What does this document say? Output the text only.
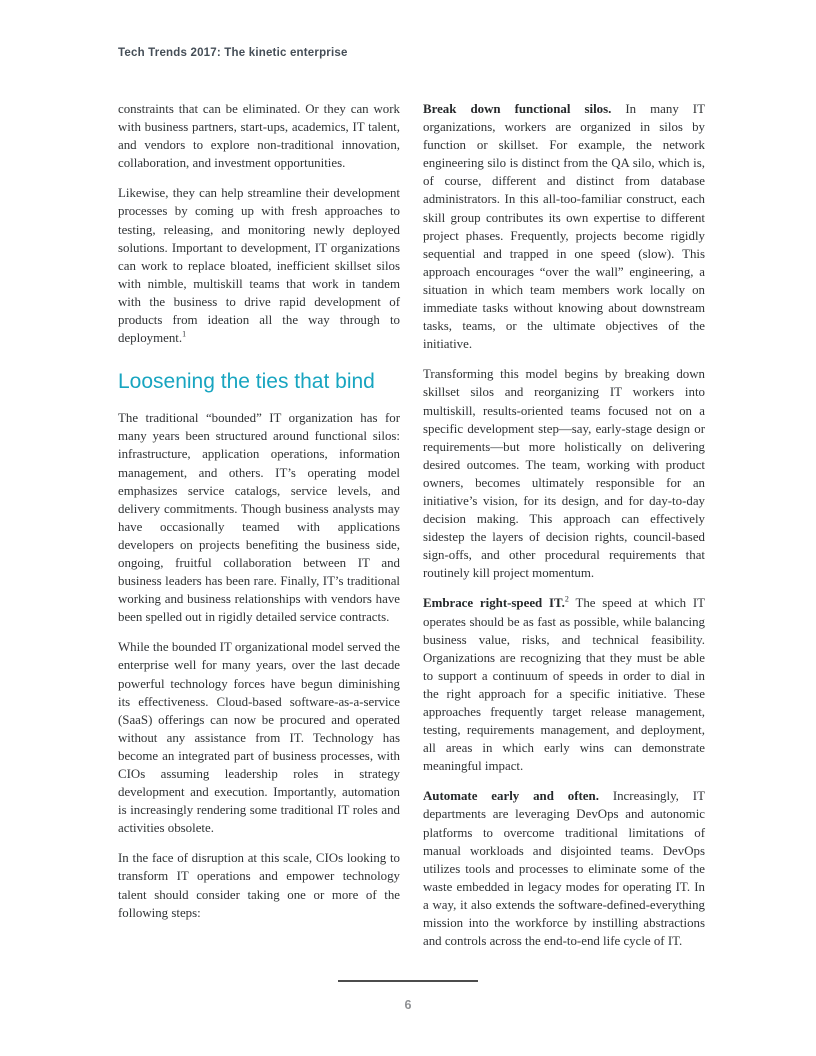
Tech Trends 2017: The kinetic enterprise

constraints that can be eliminated. Or they can work with business partners, start-ups, academics, IT talent, and vendors to explore non-traditional innovation, collaboration, and investment opportunities.

Likewise, they can help streamline their development processes by coming up with fresh approaches to testing, releasing, and monitoring newly deployed solutions. Important to development, IT organizations can work to replace bloated, inefficient skillset silos with nimble, multiskill teams that work in tandem with the business to drive rapid development of products from ideation all the way through to deployment.$^1$

Loosening the ties that bind

The traditional “bounded” IT organization has for many years been structured around functional silos: infrastructure, application operations, information management, and others. IT’s operating model emphasizes service catalogs, service levels, and delivery commitments. Though business analysts may have occasionally teamed with applications developers on projects benefiting the business side, ongoing, fruitful collaboration between IT and business leaders has been rare. Finally, IT’s traditional working and business relationships with vendors have been spelled out in rigidly detailed service contracts.

While the bounded IT organizational model served the enterprise well for many years, over the last decade powerful technology forces have begun diminishing its effectiveness. Cloud-based software-as-a-service (SaaS) offerings can now be procured and operated without any assistance from IT. Technology has become an integrated part of business processes, with CIOs assuming leadership roles in strategy development and execution. Importantly, automation is increasingly rendering some traditional IT roles and activities obsolete.

In the face of disruption at this scale, CIOs looking to transform IT operations and empower technology talent should consider taking one or more of the following steps:

Break down functional silos. In many IT organizations, workers are organized in silos by function or skillset. For example, the network engineering silo is distinct from the QA silo, which is, of course, different and distinct from database administrators. In this all-too-familiar construct, each skill group contributes its own expertise to different project phases. Frequently, projects become rigidly sequential and trapped in one speed (slow). This approach encourages “over the wall” engineering, a situation in which team members work locally on immediate tasks without knowing about downstream tasks, teams, or the ultimate objectives of the initiative.

Transforming this model begins by breaking down skillset silos and reorganizing IT workers into multiskill, results-oriented teams focused not on a specific development step—say, early-stage design or requirements—but more holistically on delivering desired outcomes. The team, working with product owners, becomes ultimately responsible for an initiative’s vision, for its design, and for day-to-day decision making. This approach can effectively sidestep the layers of decision rights, council-based sign-offs, and other procedural requirements that routinely kill project momentum.

Embrace right-speed IT.$^2$ The speed at which IT operates should be as fast as possible, while balancing business value, risks, and technical feasibility. Organizations are recognizing that they must be able to support a continuum of speeds in order to dial in the right approach for a specific initiative. These approaches frequently target release management, testing, requirements management, and deployment, all areas in which early wins can demonstrate meaningful impact.

Automate early and often. Increasingly, IT departments are leveraging DevOps and autonomic platforms to overcome traditional limitations of manual workloads and disjointed teams. DevOps utilizes tools and processes to eliminate some of the waste embedded in legacy modes for operating IT. In a way, it also extends the software-defined-everything mission into the workforce by instilling abstractions and controls across the end-to-end life cycle of IT.

6
